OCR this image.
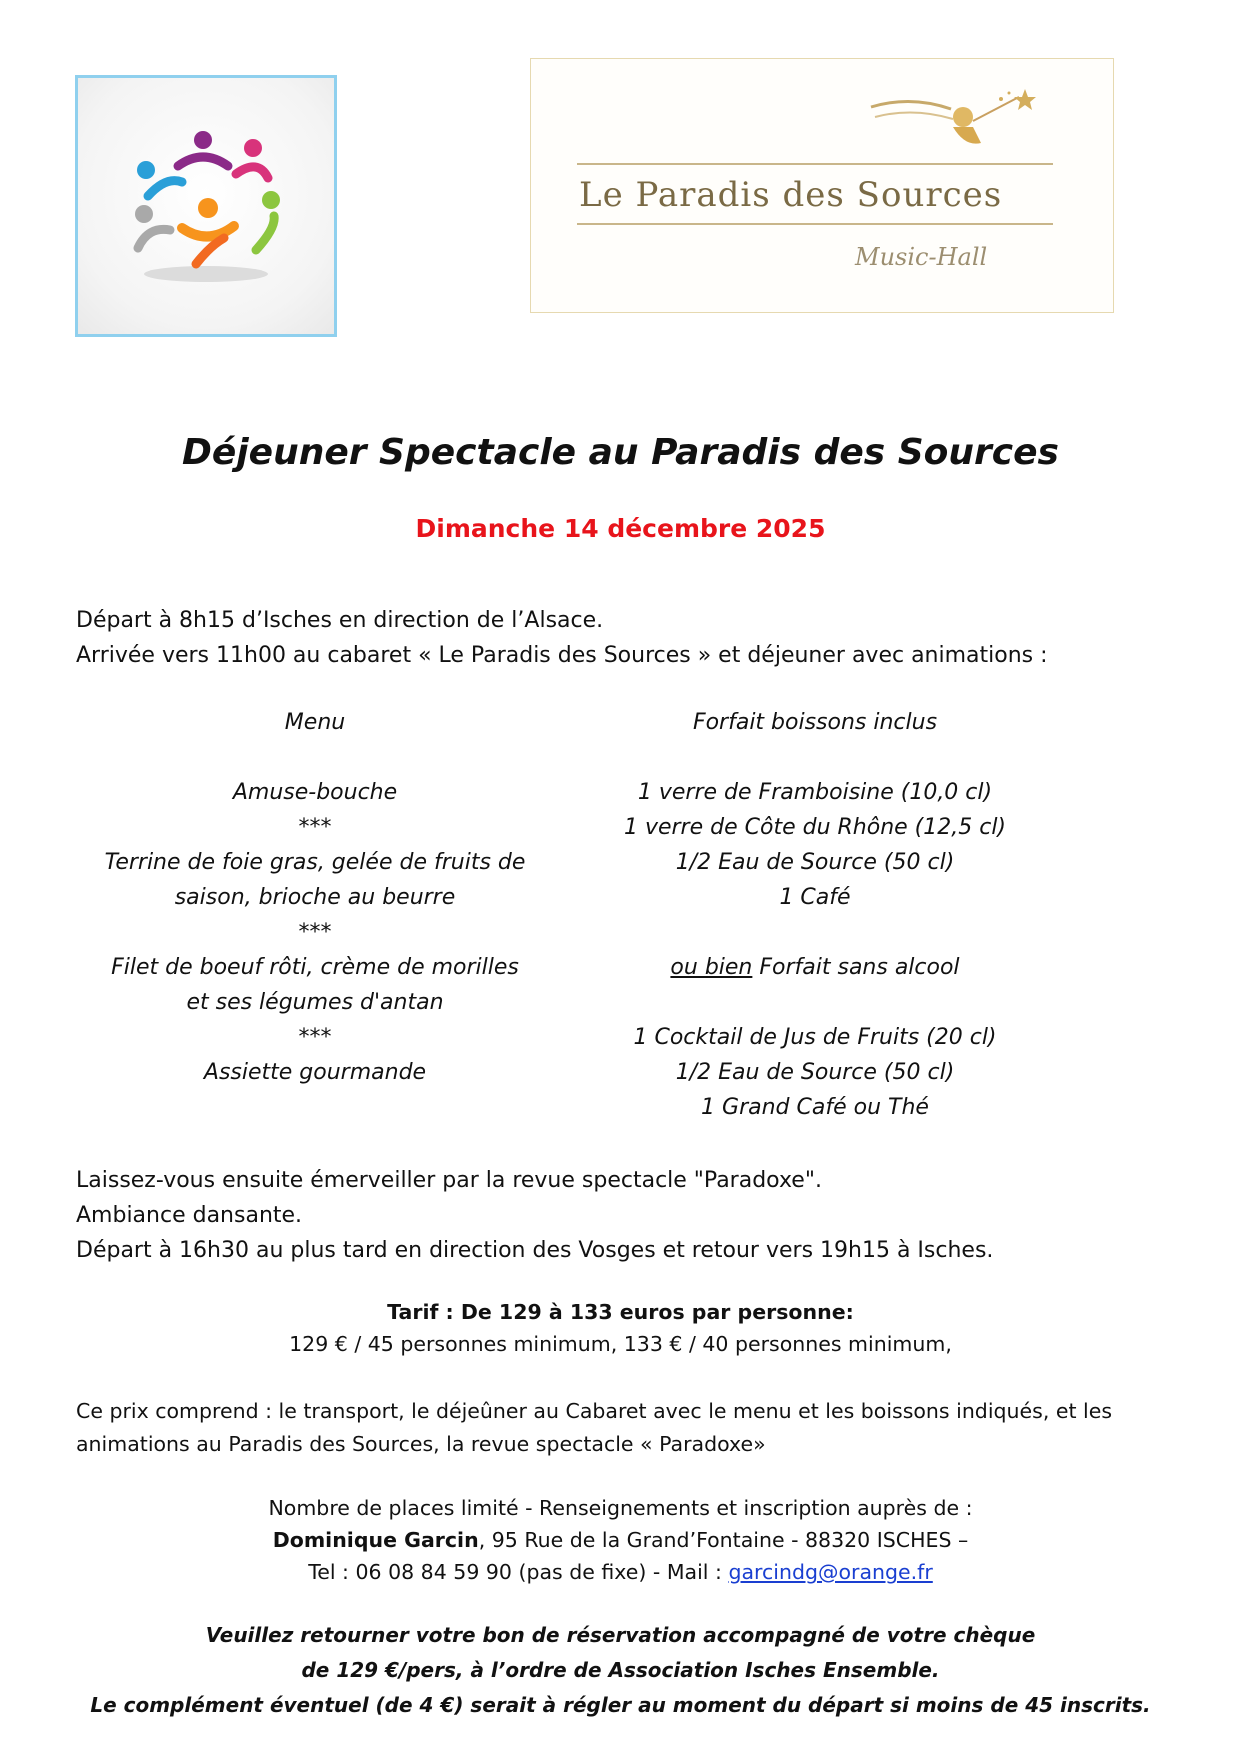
Le Paradis des Sources
Music-Hall
Déjeuner Spectacle au Paradis des Sources
Dimanche 14 décembre 2025
Départ à 8h15 d’Isches en direction de l’Alsace.
Arrivée vers 11h00 au cabaret « Le Paradis des Sources » et déjeuner avec animations :
Menu
Amuse-bouche
***
Terrine de foie gras, gelée de fruits de
saison, brioche au beurre
***
Filet de boeuf rôti, crème de morilles
et ses légumes d'antan
***
Assiette gourmande
Forfait boissons inclus
1 verre de Framboisine (10,0 cl)
1 verre de Côte du Rhône (12,5 cl)
1/2 Eau de Source (50 cl)
1 Café
ou bien Forfait sans alcool
1 Cocktail de Jus de Fruits (20 cl)
1/2 Eau de Source (50 cl)
1 Grand Café ou Thé
Laissez-vous ensuite émerveiller par la revue spectacle "Paradoxe".
Ambiance dansante.
Départ à 16h30 au plus tard en direction des Vosges et retour vers 19h15 à Isches.
Tarif : De 129 à 133 euros par personne:
129 € / 45 personnes minimum, 133 € / 40 personnes minimum,
Ce prix comprend : le transport, le déjeûner au Cabaret avec le menu et les boissons indiqués, et les
animations au Paradis des Sources, la revue spectacle « Paradoxe»
Nombre de places limité - Renseignements et inscription auprès de :
Dominique Garcin, 95 Rue de la Grand’Fontaine - 88320 ISCHES –
Tel : 06 08 84 59 90 (pas de fixe) - Mail : garcindg@orange.fr
Veuillez retourner votre bon de réservation accompagné de votre chèque
de 129 €/pers, à l’ordre de Association Isches Ensemble.
Le complément éventuel (de 4 €) serait à régler au moment du départ si moins de 45 inscrits.
